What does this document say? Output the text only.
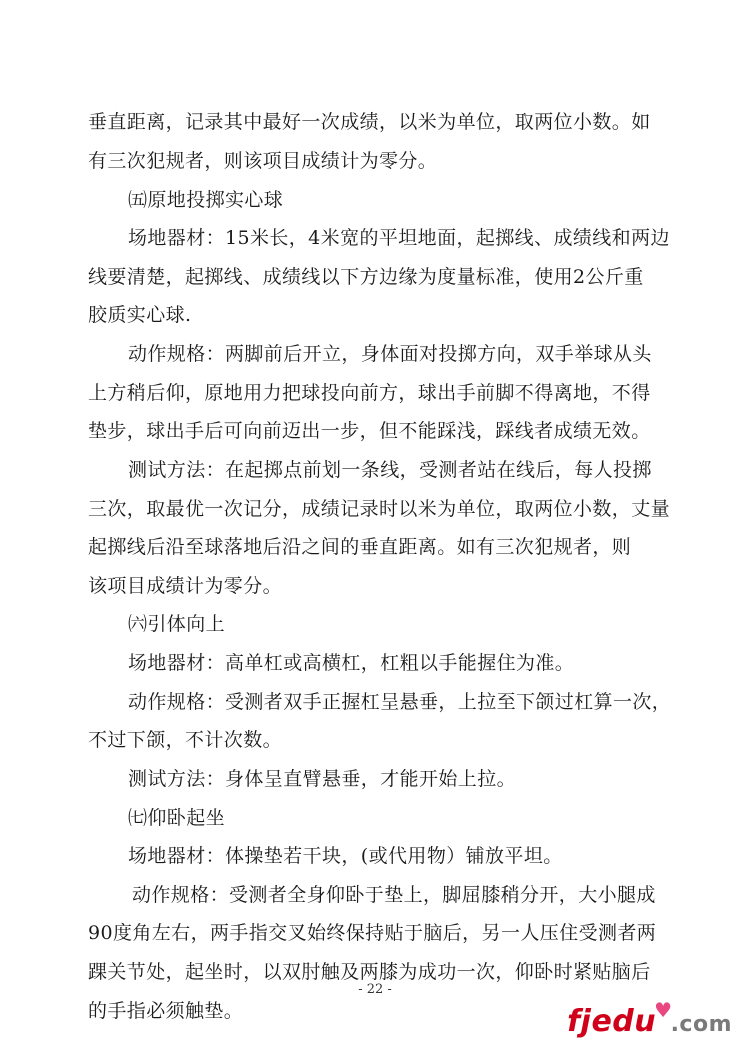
垂直距离，记录其中最好一次成绩，以米为单位，取两位小数。如
有三次犯规者，则该项目成绩计为零分。
㈤原地投掷实心球
场地器材：15米长，4米宽的平坦地面，起掷线、成绩线和两边
线要清楚，起掷线、成绩线以下方边缘为度量标准，使用2公斤重
胶质实心球.
动作规格：两脚前后开立，身体面对投掷方向，双手举球从头
上方稍后仰，原地用力把球投向前方，球出手前脚不得离地，不得
垫步，球出手后可向前迈出一步，但不能踩浅，踩线者成绩无效。
测试方法：在起掷点前划一条线，受测者站在线后，每人投掷
三次，取最优一次记分，成绩记录时以米为单位，取两位小数，丈量
起掷线后沿至球落地后沿之间的垂直距离。如有三次犯规者，则
该项目成绩计为零分。
㈥引体向上
场地器材：高单杠或高横杠，杠粗以手能握住为准。
动作规格：受测者双手正握杠呈悬垂，上拉至下颌过杠算一次，
不过下颌，不计次数。
测试方法：身体呈直臂悬垂，才能开始上拉。
㈦仰卧起坐
场地器材：体操垫若干块，(或代用物）铺放平坦。
动作规格：受测者全身仰卧于垫上，脚屈膝稍分开，大小腿成
90度角左右，两手指交叉始终保持贴于脑后，另一人压住受测者两
踝关节处，起坐时，以双肘触及两膝为成功一次，仰卧时紧贴脑后
的手指必须触垫。
- 22 -
fjedu♥.com
